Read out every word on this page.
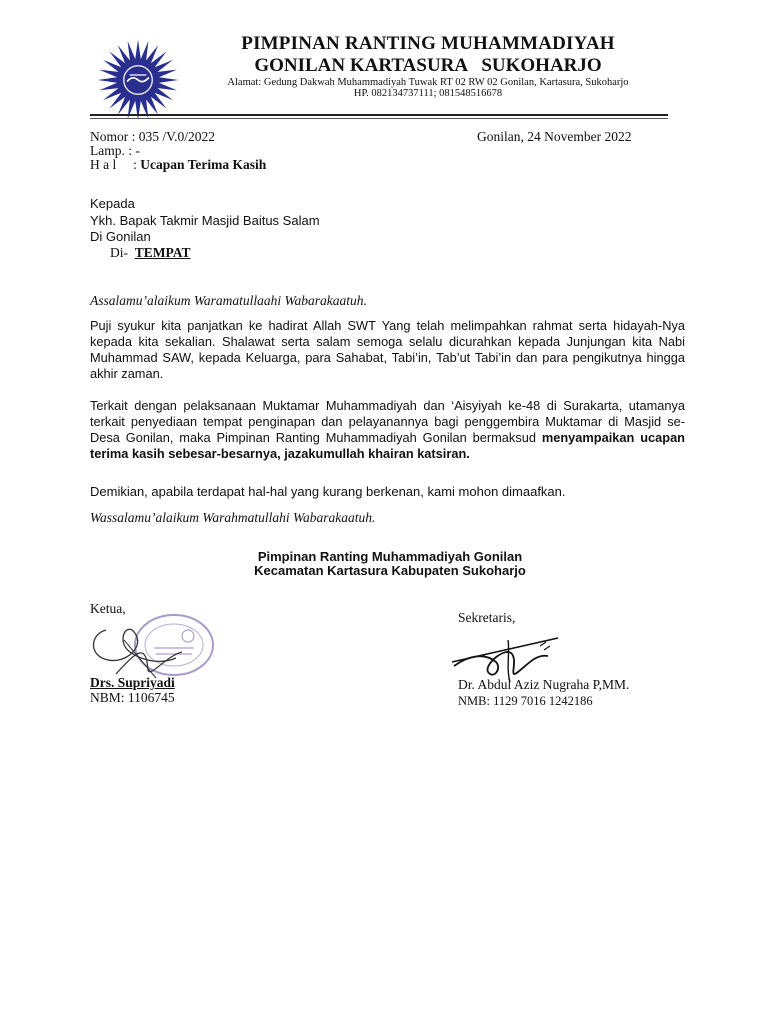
PIMPINAN RANTING MUHAMMADIYAH
GONILAN KARTASURA   SUKOHARJO
Alamat: Gedung Dakwah Muhammadiyah Tuwak RT 02 RW 02 Gonilan, Kartasura, Sukoharjo
HP. 082134737111; 081548516678
Nomor : 035 /V.0/2022	Gonilan, 24 November 2022
Lamp. : -
H a l     : Ucapan Terima Kasih
Kepada
Ykh. Bapak Takmir Masjid Baitus Salam
Di Gonilan
Di-  TEMPAT
Assalamu’alaikum Waramatullaahi Wabarakaatuh.
Puji syukur kita panjatkan ke hadirat Allah SWT Yang telah melimpahkan rahmat serta hidayah-Nya kepada kita sekalian. Shalawat serta salam semoga selalu dicurahkan kepada Junjungan kita Nabi Muhammad SAW, kepada Keluarga, para Sahabat, Tabi’in, Tab’ut Tabi’in dan para pengikutnya hingga akhir zaman.
Terkait dengan pelaksanaan Muktamar Muhammadiyah dan ‘Aisyiyah ke-48 di Surakarta, utamanya terkait penyediaan tempat penginapan dan pelayanannya bagi penggembira Muktamar di Masjid se-Desa Gonilan, maka Pimpinan Ranting Muhammadiyah Gonilan bermaksud menyampaikan ucapan terima kasih sebesar-besarnya, jazakumullah khairan katsiran.
Demikian, apabila terdapat hal-hal yang kurang berkenan, kami mohon dimaafkan.
Wassalamu’alaikum Warahmatullahi Wabarakaatuh.
Pimpinan Ranting Muhammadiyah Gonilan
Kecamatan Kartasura Kabupaten Sukoharjo
Ketua,
Sekretaris,
Drs. Supriyadi
NBM: 1106745
Dr. Abdul Aziz Nugraha P,MM.
NMB: 1129 7016 1242186
